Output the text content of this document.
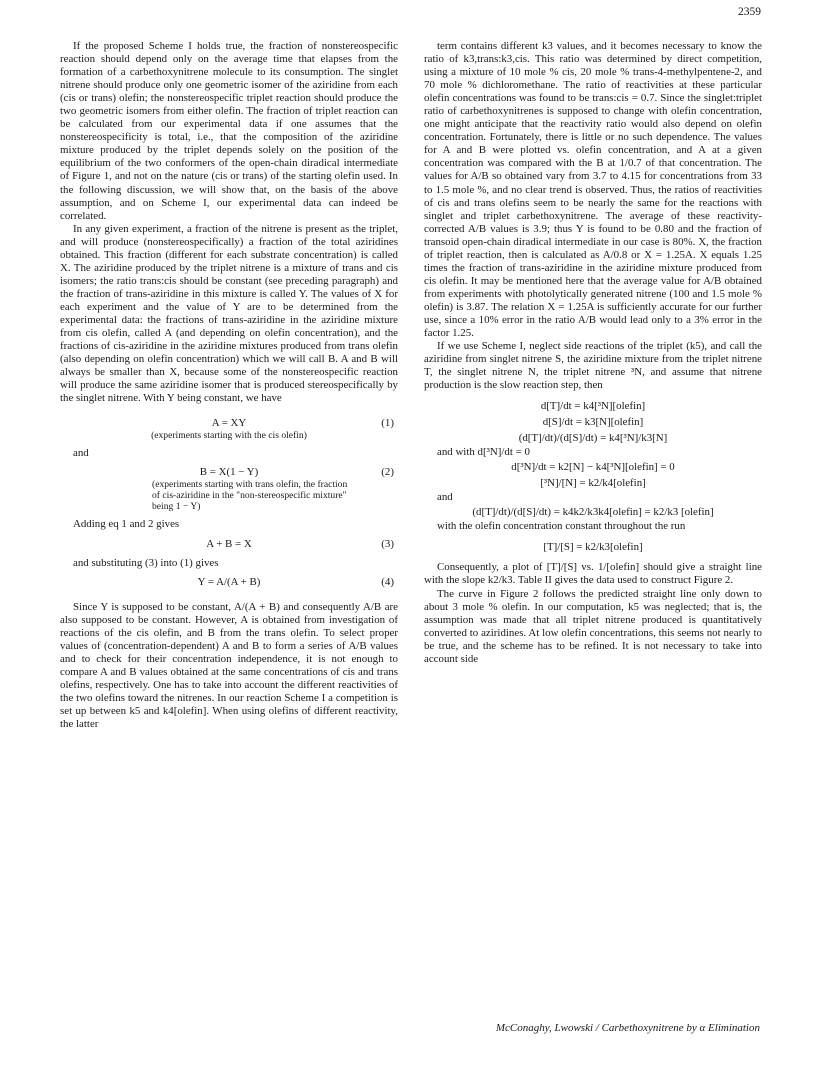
2359

If the proposed Scheme I holds true, the fraction of nonstereospecific reaction should depend only on the average time that elapses from the formation of a carbethoxynitrene molecule to its consumption. The singlet nitrene should produce only one geometric isomer of the aziridine from each (cis or trans) olefin; the nonstereospecific triplet reaction should produce the two geometric isomers from either olefin. The fraction of triplet reaction can be calculated from our experimental data if one assumes that the nonstereospecificity is total, i.e., that the composition of the aziridine mixture produced by the triplet depends solely on the position of the equilibrium of the two conformers of the open-chain diradical intermediate of Figure 1, and not on the nature (cis or trans) of the starting olefin used. In the following discussion, we will show that, on the basis of the above assumption, and on Scheme I, our experimental data can indeed be correlated.

In any given experiment, a fraction of the nitrene is present as the triplet, and will produce (nonstereospecifically) a fraction of the total aziridines obtained. This fraction (different for each substrate concentration) is called X. The aziridine produced by the triplet nitrene is a mixture of trans and cis isomers; the ratio trans:cis should be constant (see preceding paragraph) and the fraction of trans-aziridine in this mixture is called Y. The values of X for each experiment and the value of Y are to be determined from the experimental data: the fractions of trans-aziridine in the aziridine mixture from cis olefin, called A (and depending on olefin concentration), and the fractions of cis-aziridine in the aziridine mixtures produced from trans olefin (also depending on olefin concentration) which we will call B. A and B will always be smaller than X, because some of the nonstereospecific reaction will produce the same aziridine isomer that is produced stereospecifically by the singlet nitrene. With Y being constant, we have

A = XY	(1)
(experiments starting with the cis olefin)

and

B = X(1 − Y)	(2)
(experiments starting with trans olefin, the fraction of cis-aziridine in the "non-stereospecific mixture" being 1 − Y)

Adding eq 1 and 2 gives

A + B = X	(3)

and substituting (3) into (1) gives

Y = A/(A + B)	(4)

Since Y is supposed to be constant, A/(A + B) and consequently A/B are also supposed to be constant. However, A is obtained from investigation of reactions of the cis olefin, and B from the trans olefin. To select proper values of (concentration-dependent) A and B to form a series of A/B values and to check for their concentration independence, it is not enough to compare A and B values obtained at the same concentrations of cis and trans olefins, respectively. One has to take into account the different reactivities of the two olefins toward the nitrenes. In our reaction Scheme I a competition is set up between k5 and k4[olefin]. When using olefins of different reactivity, the latter

term contains different k3 values, and it becomes necessary to know the ratio of k3,trans:k3,cis. This ratio was determined by direct competition, using a mixture of 10 mole % cis, 20 mole % trans-4-methylpentene-2, and 70 mole % dichloromethane. The ratio of reactivities at these particular olefin concentrations was found to be trans:cis = 0.7. Since the singlet:triplet ratio of carbethoxynitrenes is supposed to change with olefin concentration, one might anticipate that the reactivity ratio would also depend on olefin concentration. Fortunately, there is little or no such dependence. The values for A and B were plotted vs. olefin concentration, and A at a given concentration was compared with the B at 1/0.7 of that concentration. The values for A/B so obtained vary from 3.7 to 4.15 for concentrations from 33 to 1.5 mole %, and no clear trend is observed. Thus, the ratios of reactivities of cis and trans olefins seem to be nearly the same for the reactions with singlet and triplet carbethoxynitrene. The average of these reactivity-corrected A/B values is 3.9; thus Y is found to be 0.80 and the fraction of transoid open-chain diradical intermediate in our case is 80%. X, the fraction of triplet reaction, then is calculated as A/0.8 or X = 1.25A. X equals 1.25 times the fraction of trans-aziridine in the aziridine mixture produced from cis olefin. It may be mentioned here that the average value for A/B obtained from experiments with photolytically generated nitrene (100 and 1.5 mole % olefin) is 3.87. The relation X = 1.25A is sufficiently accurate for our further use, since a 10% error in the ratio A/B would lead only to a 3% error in the factor 1.25.

If we use Scheme I, neglect side reactions of the triplet (k5), and call the aziridine from singlet nitrene S, the aziridine mixture from the triplet nitrene T, the singlet nitrene N, the triplet nitrene ³N, and assume that nitrene production is the slow reaction step, then

d[T]/dt = k4[³N][olefin]
d[S]/dt = k3[N][olefin]
(d[T]/dt)/(d[S]/dt) = k4[³N]/k3[N]

and with d[³N]/dt = 0

d[³N]/dt = k2[N] − k4[³N][olefin] = 0
[³N]/[N] = k2/k4[olefin]

and

(d[T]/dt)/(d[S]/dt) = k4k2/k3k4[olefin] = k2/k3 [olefin]

with the olefin concentration constant throughout the run

[T]/[S] = k2/k3[olefin]

Consequently, a plot of [T]/[S] vs. 1/[olefin] should give a straight line with the slope k2/k3. Table II gives the data used to construct Figure 2.

The curve in Figure 2 follows the predicted straight line only down to about 3 mole % olefin. In our computation, k5 was neglected; that is, the assumption was made that all triplet nitrene produced is quantitatively converted to aziridines. At low olefin concentrations, this seems not nearly to be true, and the scheme has to be refined. It is not necessary to take into account side

McConaghy, Lwowski / Carbethoxynitrene by α Elimination
